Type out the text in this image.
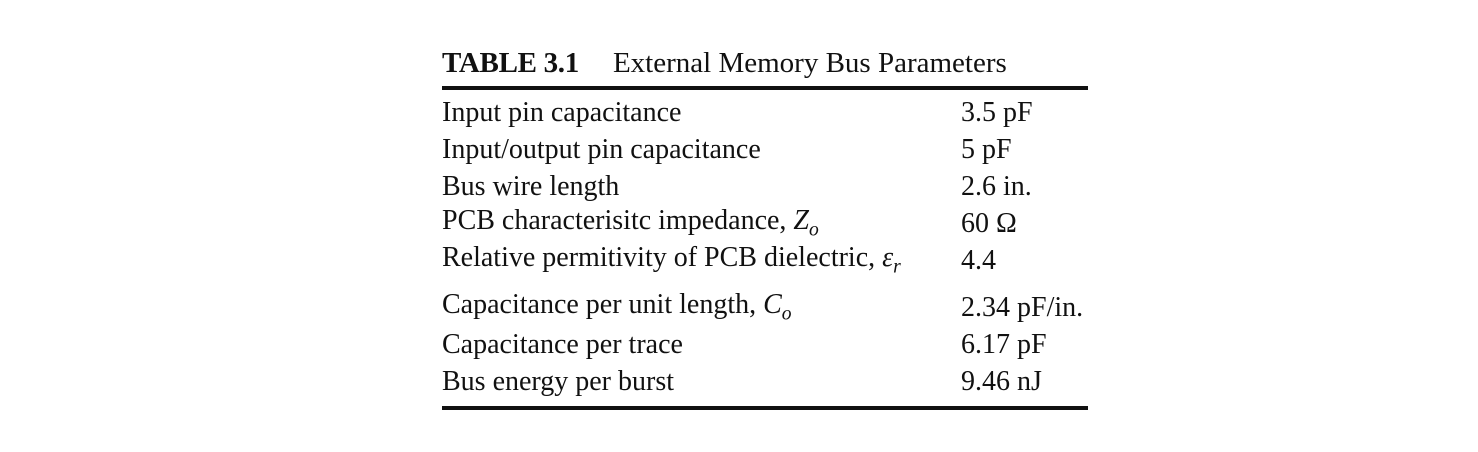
TABLE 3.1 External Memory Bus Parameters
Input pin capacitance	3.5 pF
Input/output pin capacitance	5 pF
Bus wire length	2.6 in.
PCB characterisitc impedance, $Z_o$	60 Ω
Relative permitivity of PCB dielectric, $\varepsilon_r$	4.4
Capacitance per unit length, $C_o$	2.34 pF/in.
Capacitance per trace	6.17 pF
Bus energy per burst	9.46 nJ
